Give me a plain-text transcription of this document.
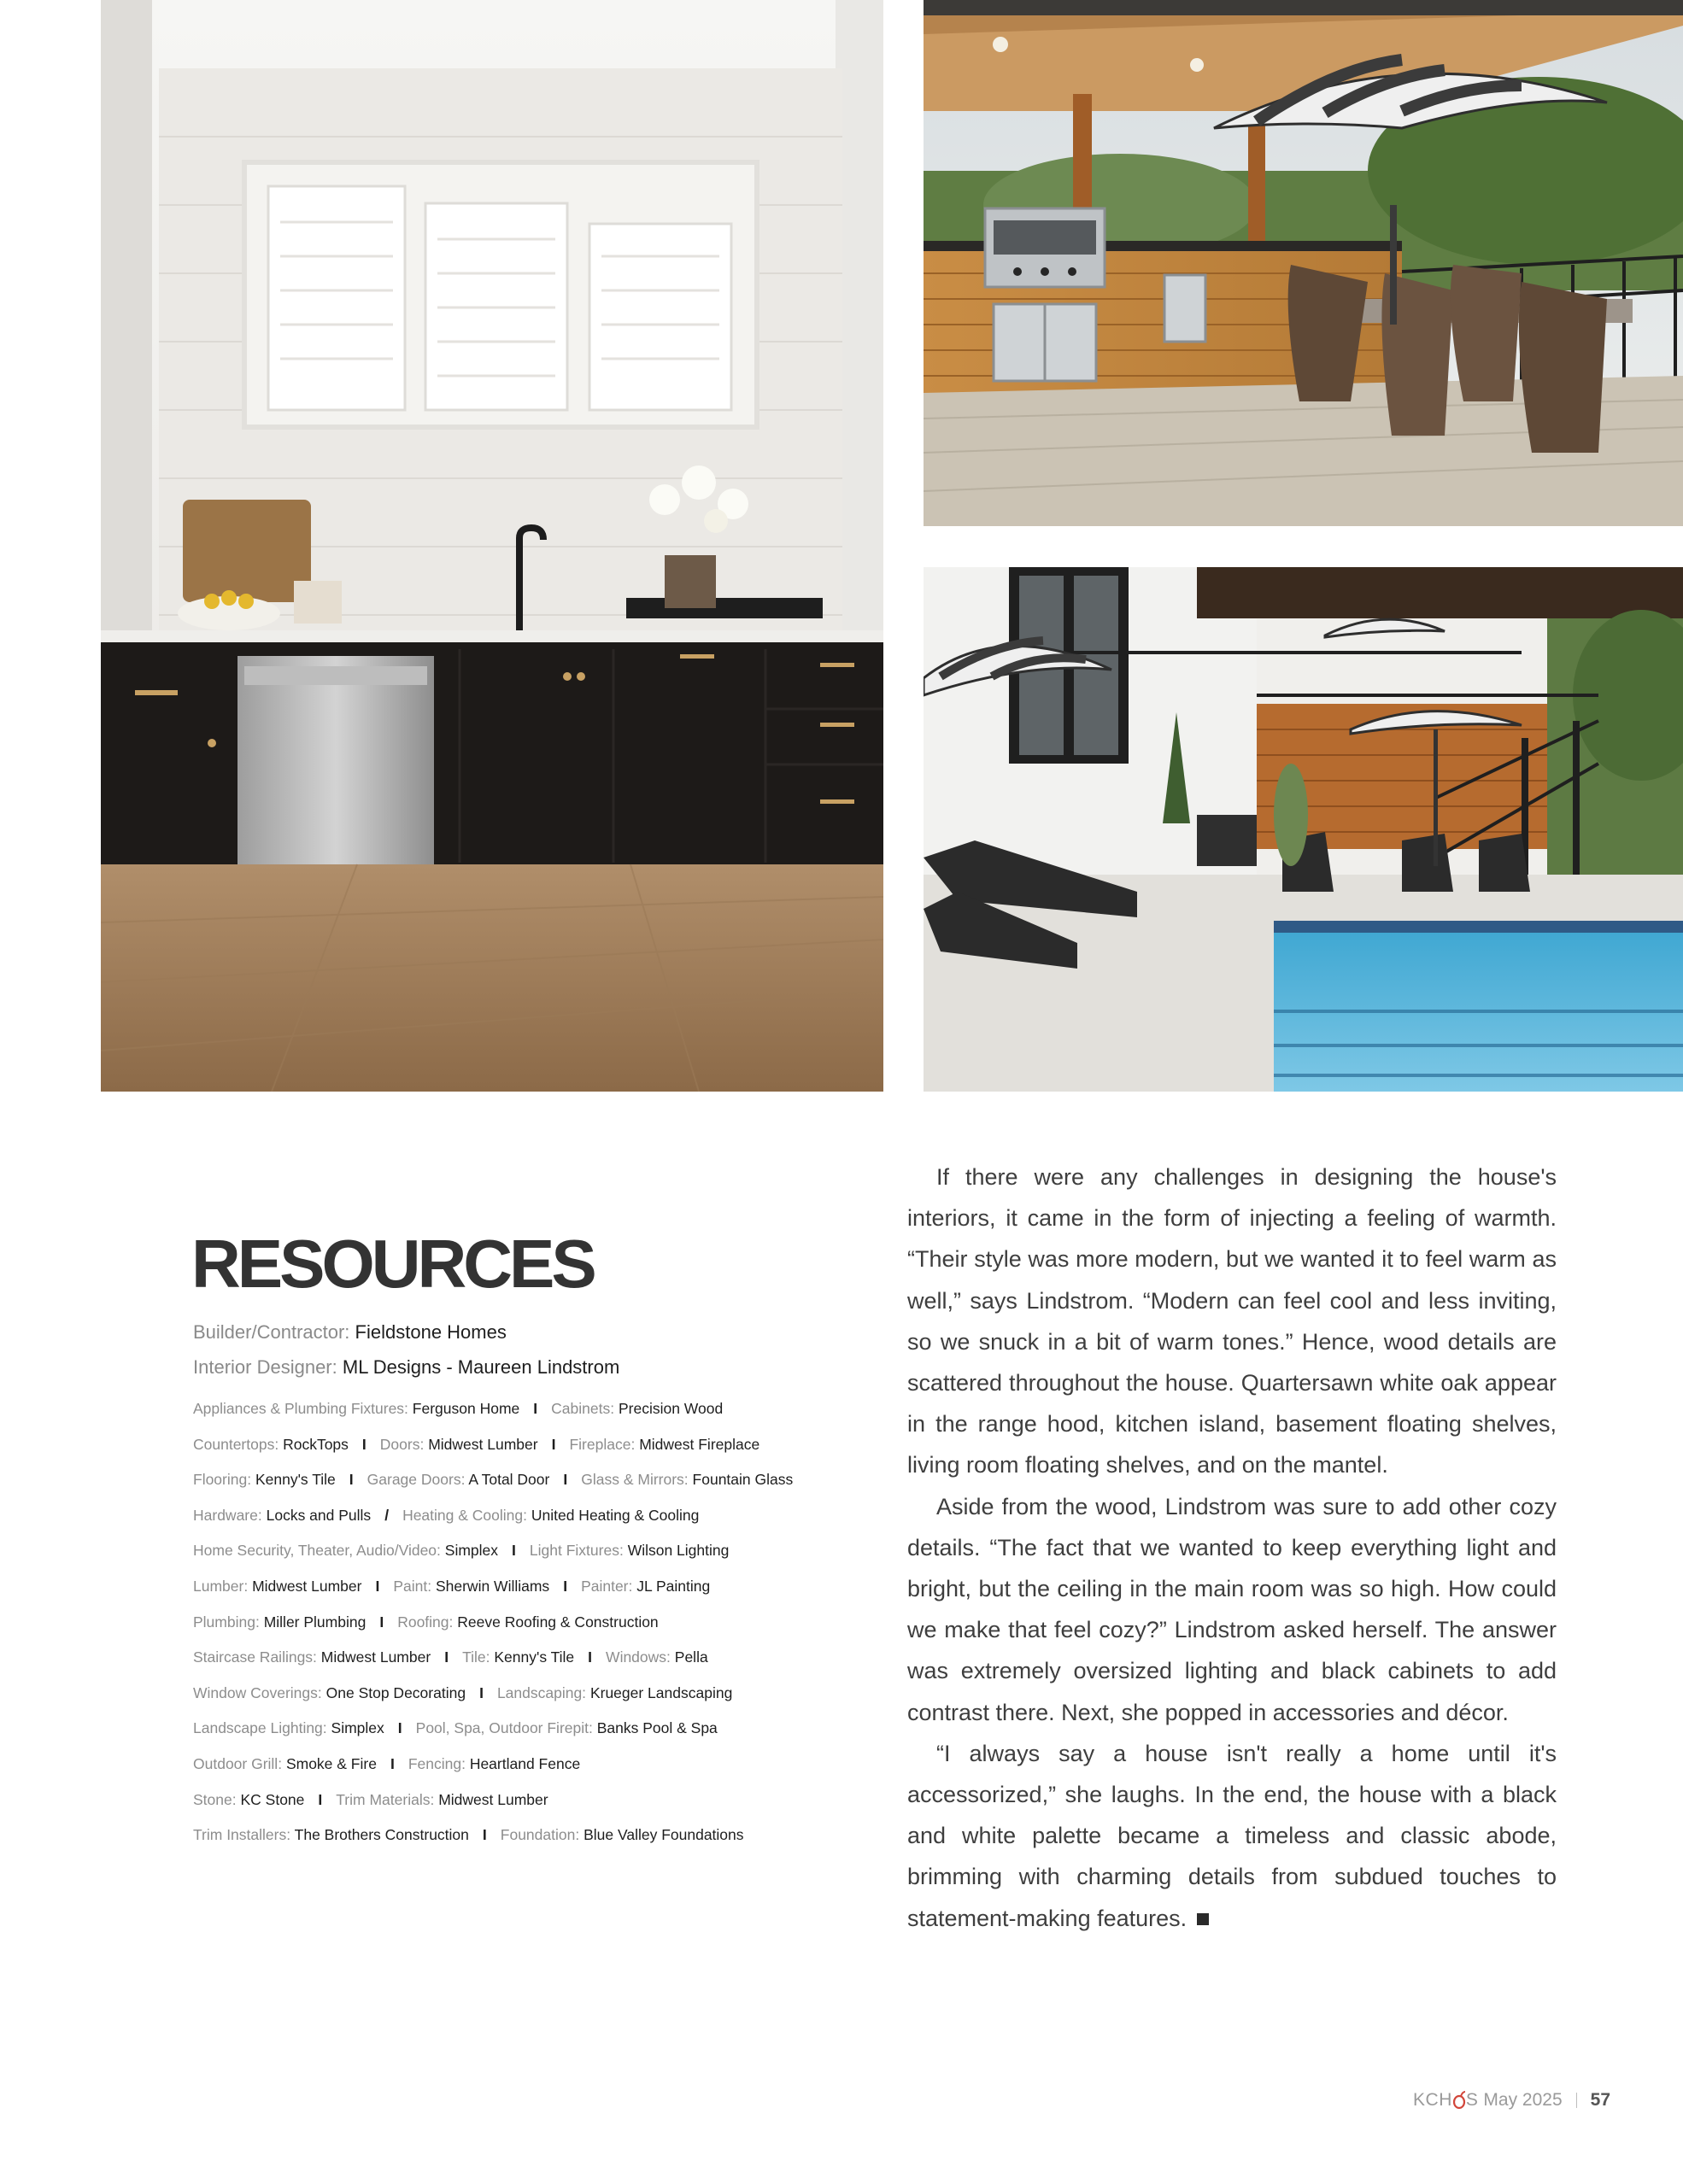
RESOURCES
Builder/Contractor: Fieldstone Homes
Interior Designer: ML Designs - Maureen Lindstrom
Appliances & Plumbing Fixtures: Ferguson Home I Cabinets: Precision Wood
Countertops: RockTops I Doors: Midwest Lumber I Fireplace: Midwest Fireplace
Flooring: Kenny's Tile I Garage Doors: A Total Door I Glass & Mirrors: Fountain Glass
Hardware: Locks and Pulls / Heating & Cooling: United Heating & Cooling
Home Security, Theater, Audio/Video: Simplex I Light Fixtures: Wilson Lighting
Lumber: Midwest Lumber I Paint: Sherwin Williams I Painter: JL Painting
Plumbing: Miller Plumbing I Roofing: Reeve Roofing & Construction
Staircase Railings: Midwest Lumber I Tile: Kenny's Tile I Windows: Pella
Window Coverings: One Stop Decorating I Landscaping: Krueger Landscaping
Landscape Lighting: Simplex I Pool, Spa, Outdoor Firepit: Banks Pool & Spa
Outdoor Grill: Smoke & Fire I Fencing: Heartland Fence
Stone: KC Stone I Trim Materials: Midwest Lumber
Trim Installers: The Brothers Construction I Foundation: Blue Valley Foundations

If there were any challenges in designing the house's interiors, it came in the form of injecting a feeling of warmth. “Their style was more modern, but we wanted it to feel warm as well,” says Lindstrom. “Modern can feel cool and less inviting, so we snuck in a bit of warm tones.” Hence, wood details are scattered throughout the house. Quartersawn white oak appear in the range hood, kitchen island, basement floating shelves, living room floating shelves, and on the mantel.

Aside from the wood, Lindstrom was sure to add other cozy details. “The fact that we wanted to keep everything light and bright, but the ceiling in the main room was so high. How could we make that feel cozy?” Lindstrom asked herself. The answer was extremely oversized lighting and black cabinets to add contrast there. Next, she popped in accessories and décor.

“I always say a house isn't really a home until it's accessorized,” she laughs. In the end, the house with a black and white palette became a timeless and classic abode, brimming with charming details from subdued touches to statement-making features.

KCH S May 2025 57
